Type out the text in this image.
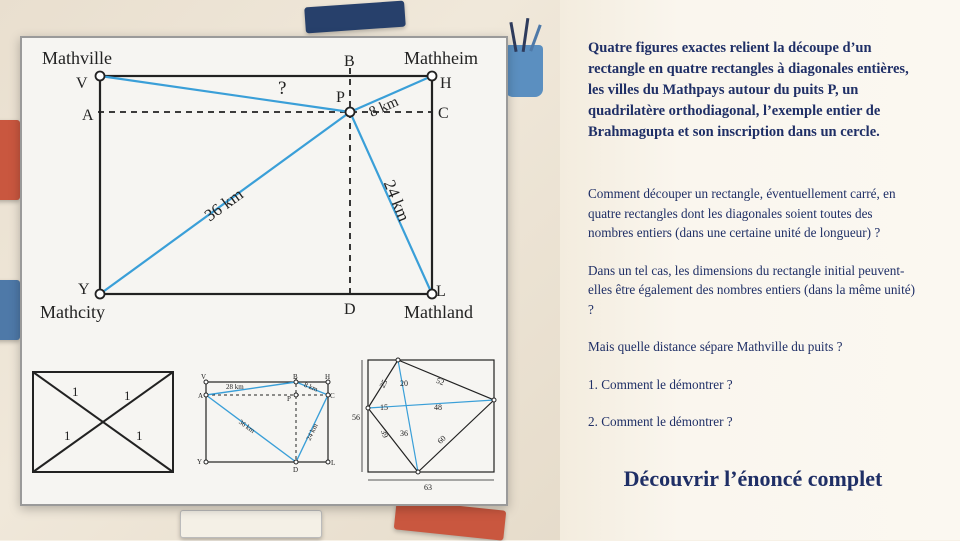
Mathville	Mathheim
Mathcity	Mathland
V	H
A	C
B
P
Y	L
D
?
8 km
36 km	24 km
1	1
1	1
V	B	H
A	P	C
Y
D
L
28 km	8 km
36 km	24 km
25 20	52
15	48
39 36
60
56
63

Quatre figures exactes relient la découpe d’un rectangle en quatre rectangles à diagonales entières, les villes du Mathpays autour du puits P, un quadrilatère orthodiagonal, l’exemple entier de Brahmagupta et son inscription dans un cercle.

Comment découper un rectangle, éventuellement carré, en quatre rectangles dont les diagonales soient toutes des nombres entiers (dans une certaine unité de longueur) ?

Dans un tel cas, les dimensions du rectangle initial peuvent-elles être également des nombres entiers (dans la même unité) ?

Mais quelle distance sépare Mathville du puits ?

1. Comment le démontrer ?

2. Comment le démontrer ?

Découvrir l’énoncé complet
